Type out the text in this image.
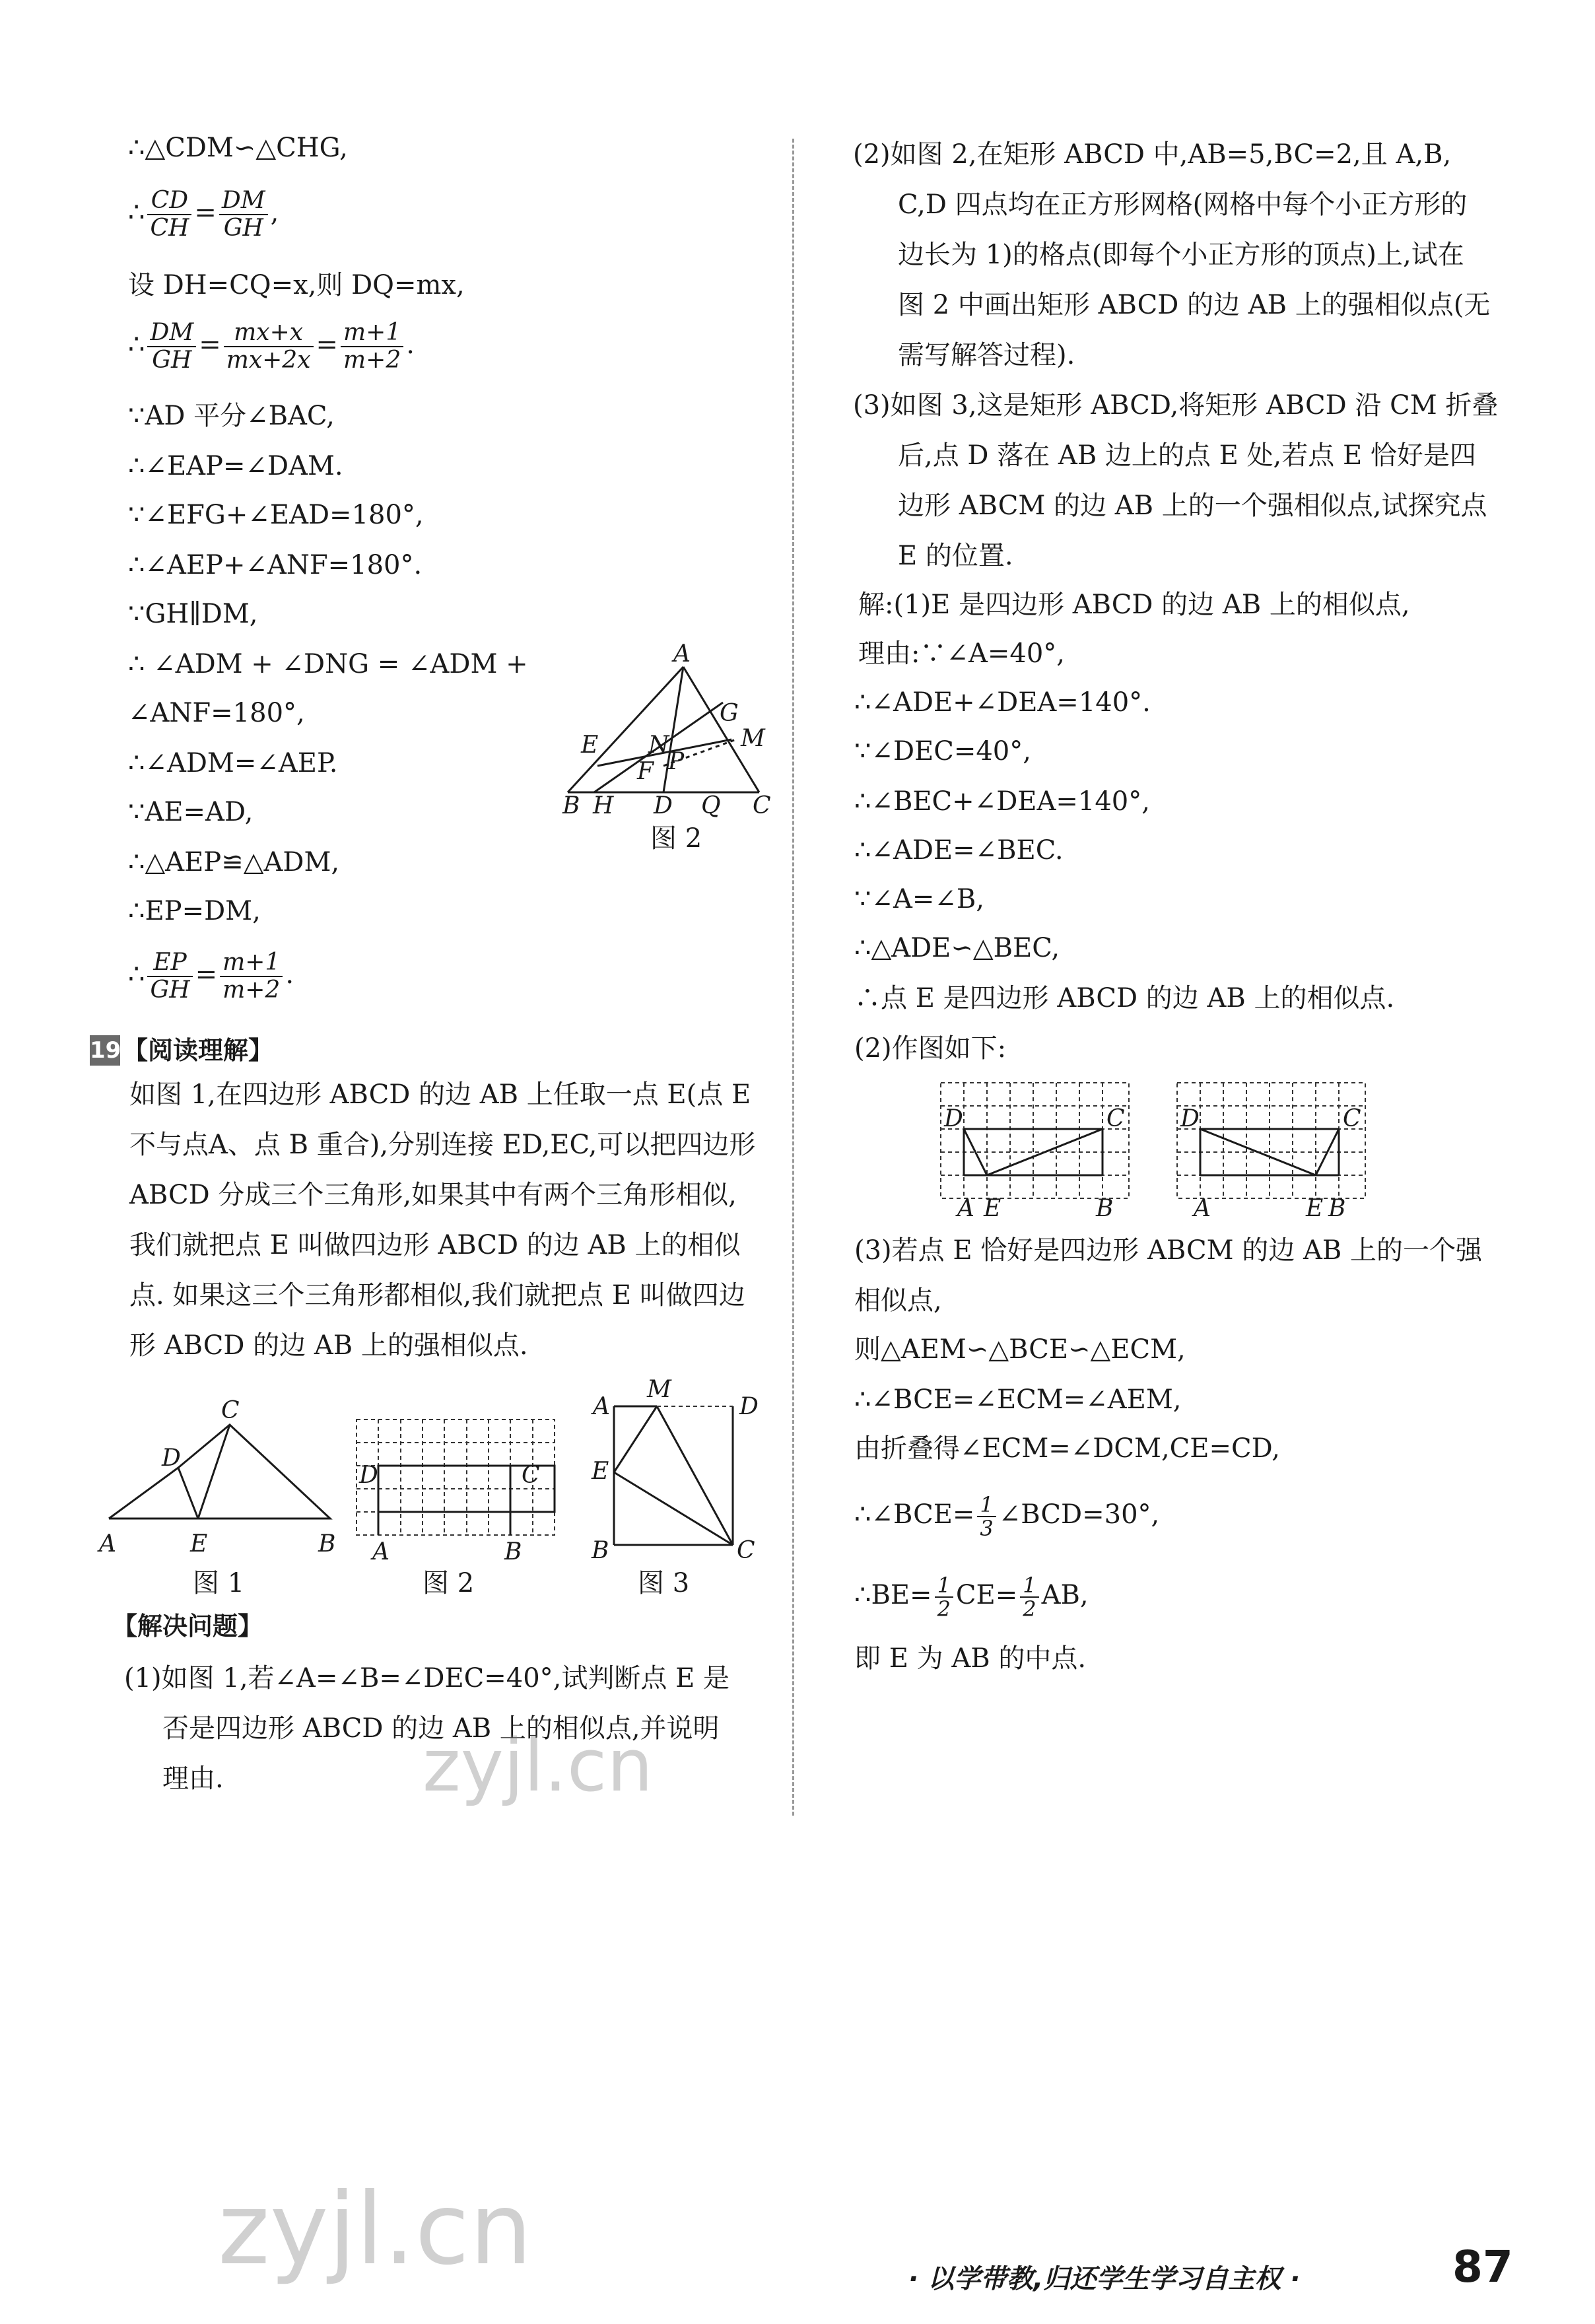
∴△CDM∽△CHG,
∴ $\frac{CD}{CH} = \frac{DM}{GH}$ ,
设 DH=CQ=x,则 DQ=mx,
∴ $\frac{DM}{GH} = \frac{mx+x}{mx+2x} = \frac{m+1}{m+2}$ .
∵AD 平分∠BAC,
∴∠EAP=∠DAM.
∵∠EFG+∠EAD=180°,
∴∠AEP+∠ANF=180°.
∵GH∥DM,
∴ ∠ADM + ∠DNG = ∠ADM +
∠ANF=180°,
∴∠ADM=∠AEP.
∵AE=AD,
∴△AEP≌△ADM,
∴EP=DM,
∴ $\frac{EP}{GH} = \frac{m+1}{m+2}$ .
A
G
M
E N
P
F
B H D Q C
图 2
19 【阅读理解】
如图 1,在四边形 ABCD 的边 AB 上任取一点 E(点 E
不与点A、点 B 重合),分别连接 ED,EC,可以把四边形
ABCD 分成三个三角形,如果其中有两个三角形相似,
我们就把点 E 叫做四边形 ABCD 的边 AB 上的相似
点. 如果这三个三角形都相似,我们就把点 E 叫做四边
形 ABCD 的边 AB 上的强相似点.
C
D
A	E	B
图 1
D	C
A	B
图 2
M
A	D
E
B	C
图 3
【解决问题】
(1)如图 1,若∠A=∠B=∠DEC=40°,试判断点 E 是
否是四边形 ABCD 的边 AB 上的相似点,并说明
理由.
(2)如图 2,在矩形 ABCD 中,AB=5,BC=2,且 A,B,
C,D 四点均在正方形网格(网格中每个小正方形的
边长为 1)的格点(即每个小正方形的顶点)上,试在
图 2 中画出矩形 ABCD 的边 AB 上的强相似点(无
需写解答过程).
(3)如图 3,这是矩形 ABCD,将矩形 ABCD 沿 CM 折叠
后,点 D 落在 AB 边上的点 E 处,若点 E 恰好是四
边形 ABCM 的边 AB 上的一个强相似点,试探究点
E 的位置.
解:(1)E 是四边形 ABCD 的边 AB 上的相似点,
理由:∵∠A=40°,
∴∠ADE+∠DEA=140°.
∵∠DEC=40°,
∴∠BEC+∠DEA=140°,
∴∠ADE=∠BEC.
∵∠A=∠B,
∴△ADE∽△BEC,
∴点 E 是四边形 ABCD 的边 AB 上的相似点.
(2)作图如下:
D	C
A E	B
D	C
A	E B
(3)若点 E 恰好是四边形 ABCM 的边 AB 上的一个强
相似点,
则△AEM∽△BCE∽△ECM,
∴∠BCE=∠ECM=∠AEM,
由折叠得∠ECM=∠DCM,CE=CD,
∴∠BCE= $\frac{1}{3}$ ∠BCD=30°,
∴BE= $\frac{1}{2} CE= \frac{1}{2}$ AB,
即 E 为 AB 的中点.
zyjl.cn
zyjl.cn	· 以学带教,归还学生学习自主权 ·	87
